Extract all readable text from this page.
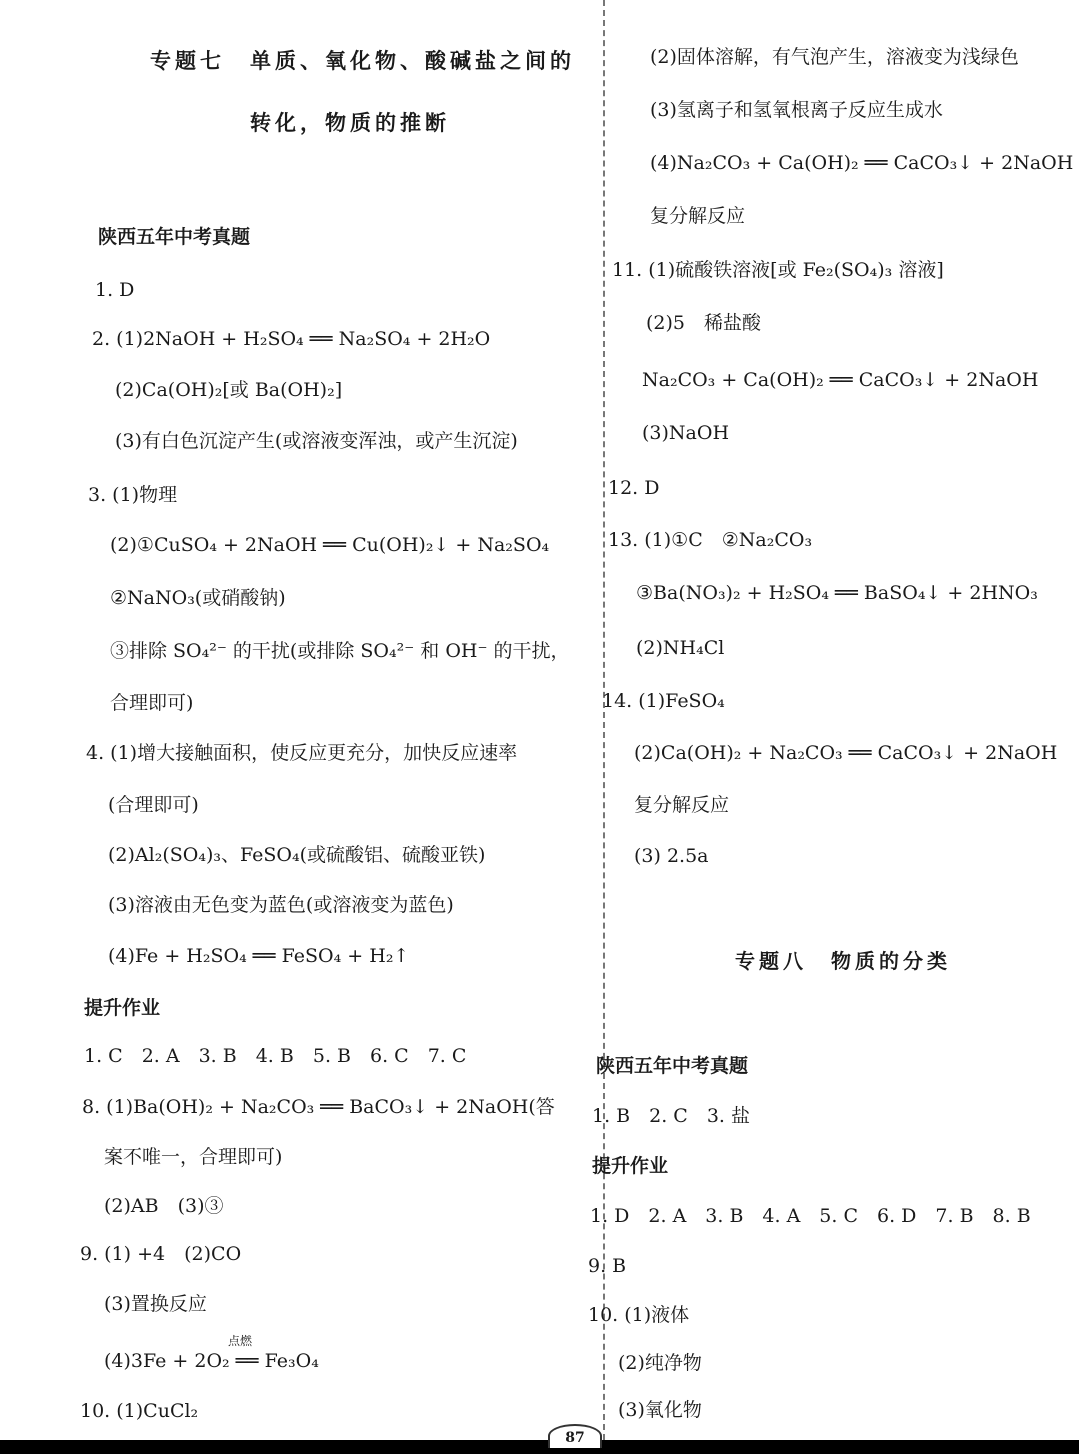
专题七　单质、氧化物、酸碱盐之间的
转化，物质的推断
陕西五年中考真题
1. D
2. (1)2NaOH + H₂SO₄ ══ Na₂SO₄ + 2H₂O
(2)Ca(OH)₂[或 Ba(OH)₂]
(3)有白色沉淀产生(或溶液变浑浊，或产生沉淀)
3. (1)物理
(2)①CuSO₄ + 2NaOH ══ Cu(OH)₂↓ + Na₂SO₄
②NaNO₃(或硝酸钠)
③排除 SO₄²⁻ 的干扰(或排除 SO₄²⁻ 和 OH⁻ 的干扰，
合理即可)
4. (1)增大接触面积，使反应更充分，加快反应速率
(合理即可)
(2)Al₂(SO₄)₃、FeSO₄(或硫酸铝、硫酸亚铁)
(3)溶液由无色变为蓝色(或溶液变为蓝色)
(4)Fe + H₂SO₄ ══ FeSO₄ + H₂↑
提升作业
1. C　2. A　3. B　4. B　5. B　6. C　7. C
8. (1)Ba(OH)₂ + Na₂CO₃ ══ BaCO₃↓ + 2NaOH(答
案不唯一，合理即可)
(2)AB　(3)③
9. (1) +4　(2)CO
(3)置换反应
点燃
(4)3Fe + 2O₂ ══ Fe₃O₄
10. (1)CuCl₂
(2)固体溶解，有气泡产生，溶液变为浅绿色
(3)氢离子和氢氧根离子反应生成水
(4)Na₂CO₃ + Ca(OH)₂ ══ CaCO₃↓ + 2NaOH
复分解反应
11. (1)硫酸铁溶液[或 Fe₂(SO₄)₃ 溶液]
(2)5　稀盐酸
Na₂CO₃ + Ca(OH)₂ ══ CaCO₃↓ + 2NaOH
(3)NaOH
12. D
13. (1)①C　②Na₂CO₃
③Ba(NO₃)₂ + H₂SO₄ ══ BaSO₄↓ + 2HNO₃
(2)NH₄Cl
14. (1)FeSO₄
(2)Ca(OH)₂ + Na₂CO₃ ══ CaCO₃↓ + 2NaOH
复分解反应
(3) 2.5a
专题八　物质的分类
陕西五年中考真题
1. B　2. C　3. 盐
提升作业
1. D　2. A　3. B　4. A　5. C　6. D　7. B　8. B
9. B
10. (1)液体
(2)纯净物
(3)氧化物
87
